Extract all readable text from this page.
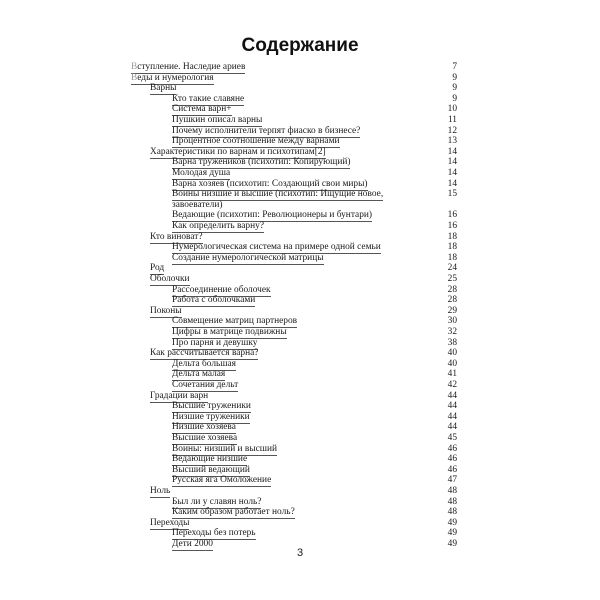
Содержание
Вступление. Наследие ариев	7
Веды и нумерология	9
Варны	9
Кто такие славяне	9
Система варн+	10
Пушкин описал варны	11
Почему исполнители терпят фиаско в бизнесе?	12
Процентное соотношение между варнами	13
Характеристики по варнам и психотипам[2]	14
Варна тружеников (психотип: Копирующий)	14
Молодая душа	14
Варна хозяев (психотип: Создающий свои миры)	14
Воины низшие и высшие (психотип: Ищущие новое,	15
завоеватели)
Ведающие (психотип: Революционеры и бунтари)	16
Как определить варну?	16
Кто виноват?	18
Нумерологическая система на примере одной семьи	18
Создание нумерологической матрицы	18
Род	24
Оболочки	25
Рассоединение оболочек	28
Работа с оболочками	28
Поконы	29
Совмещение матриц партнеров	30
Цифры в матрице подвижны	32
Про парня и девушку	38
Как рассчитывается варна?	40
Дельта большая	40
Дельта малая	41
Сочетания дельт	42
Градации варн	44
Высшие труженики	44
Низшие труженики	44
Низшие хозяева	44
Высшие хозяева	45
Воины: низший и высший	46
Ведающие низшие	46
Высший ведающий	46
Русская яга Омоложение	47
Ноль	48
Был ли у славян ноль?	48
Каким образом работает ноль?	48
Переходы	49
Переходы без потерь	49
Дети 2000	49
3
